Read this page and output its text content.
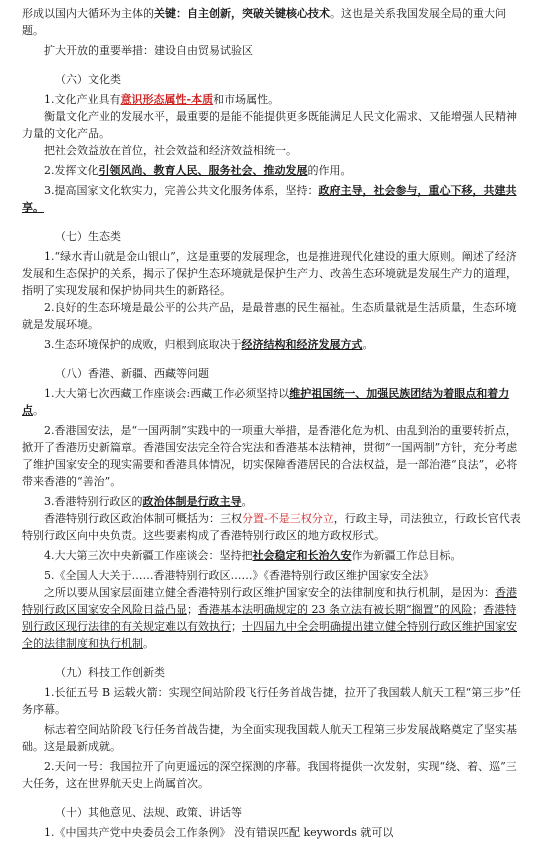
形成以国内大循环为主体的关键：自主创新，突破关键核心技术。这也是关系我国发展全局的重大问题。

扩大开放的重要举措：建设自由贸易试验区

（六）文化类

1.文化产业具有意识形态属性-本质和市场属性。

衡量文化产业的发展水平，最重要的是能不能提供更多既能满足人民文化需求、又能增强人民精神力量的文化产品。

把社会效益放在首位，社会效益和经济效益相统一。

2.发挥文化引领风尚、教育人民、服务社会、推动发展的作用。

3.提高国家文化软实力，完善公共文化服务体系，坚持：政府主导，社会参与，重心下移，共建共享。

（七）生态类

1.“绿水青山就是金山银山”，这是重要的发展理念，也是推进现代化建设的重大原则。阐述了经济发展和生态保护的关系，揭示了保护生态环境就是保护生产力、改善生态环境就是发展生产力的道理，指明了实现发展和保护协同共生的新路径。

2.良好的生态环境是最公平的公共产品，是最普惠的民生福祉。生态质量就是生活质量，生态环境就是发展环境。

3.生态环境保护的成败，归根到底取决于经济结构和经济发展方式。

（八）香港、新疆、西藏等问题

1.大大第七次西藏工作座谈会:西藏工作必须坚持以维护祖国统一、加强民族团结为着眼点和着力点。

2.香港国安法，是“一国两制”实践中的一项重大举措，是香港化危为机、由乱到治的重要转折点，掀开了香港历史新篇章。香港国安法完全符合宪法和香港基本法精神，贯彻“一国两制”方针，充分考虑了维护国家安全的现实需要和香港具体情况，切实保障香港居民的合法权益，是一部治港“良法”，必将带来香港的“善治”。

3.香港特别行政区的政治体制是行政主导。

香港特别行政区政治体制可概括为：三权分置-不是三权分立，行政主导，司法独立，行政长官代表特别行政区向中央负责。这些要素构成了香港特别行政区的地方政权形式。

4.大大第三次中央新疆工作座谈会：坚持把社会稳定和长治久安作为新疆工作总目标。

5.《全国人大关于……香港特别行政区……》《香港特别行政区维护国家安全法》

之所以要从国家层面建立健全香港特别行政区维护国家安全的法律制度和执行机制，是因为：香港特别行政区国家安全风险日益凸显；香港基本法明确规定的 23 条立法有被长期“搁置”的风险；香港特别行政区现行法律的有关规定难以有效执行；十四届九中全会明确提出建立健全特别行政区维护国家安全的法律制度和执行机制。

（九）科技工作创新类

1.长征五号 B 运载火箭：实现空间站阶段飞行任务首战告捷，拉开了我国载人航天工程“第三步”任务序幕。

标志着空间站阶段飞行任务首战告捷，为全面实现我国载人航天工程第三步发展战略奠定了坚实基础。这是最新成就。

2.天问一号：我国拉开了向更遥远的深空探测的序幕。我国将提供一次发射，实现“绕、着、巡”三大任务，这在世界航天史上尚属首次。

（十）其他意见、法规、政策、讲话等

1.《中国共产党中央委员会工作条例》 没有错误匹配 keywords 就可以
